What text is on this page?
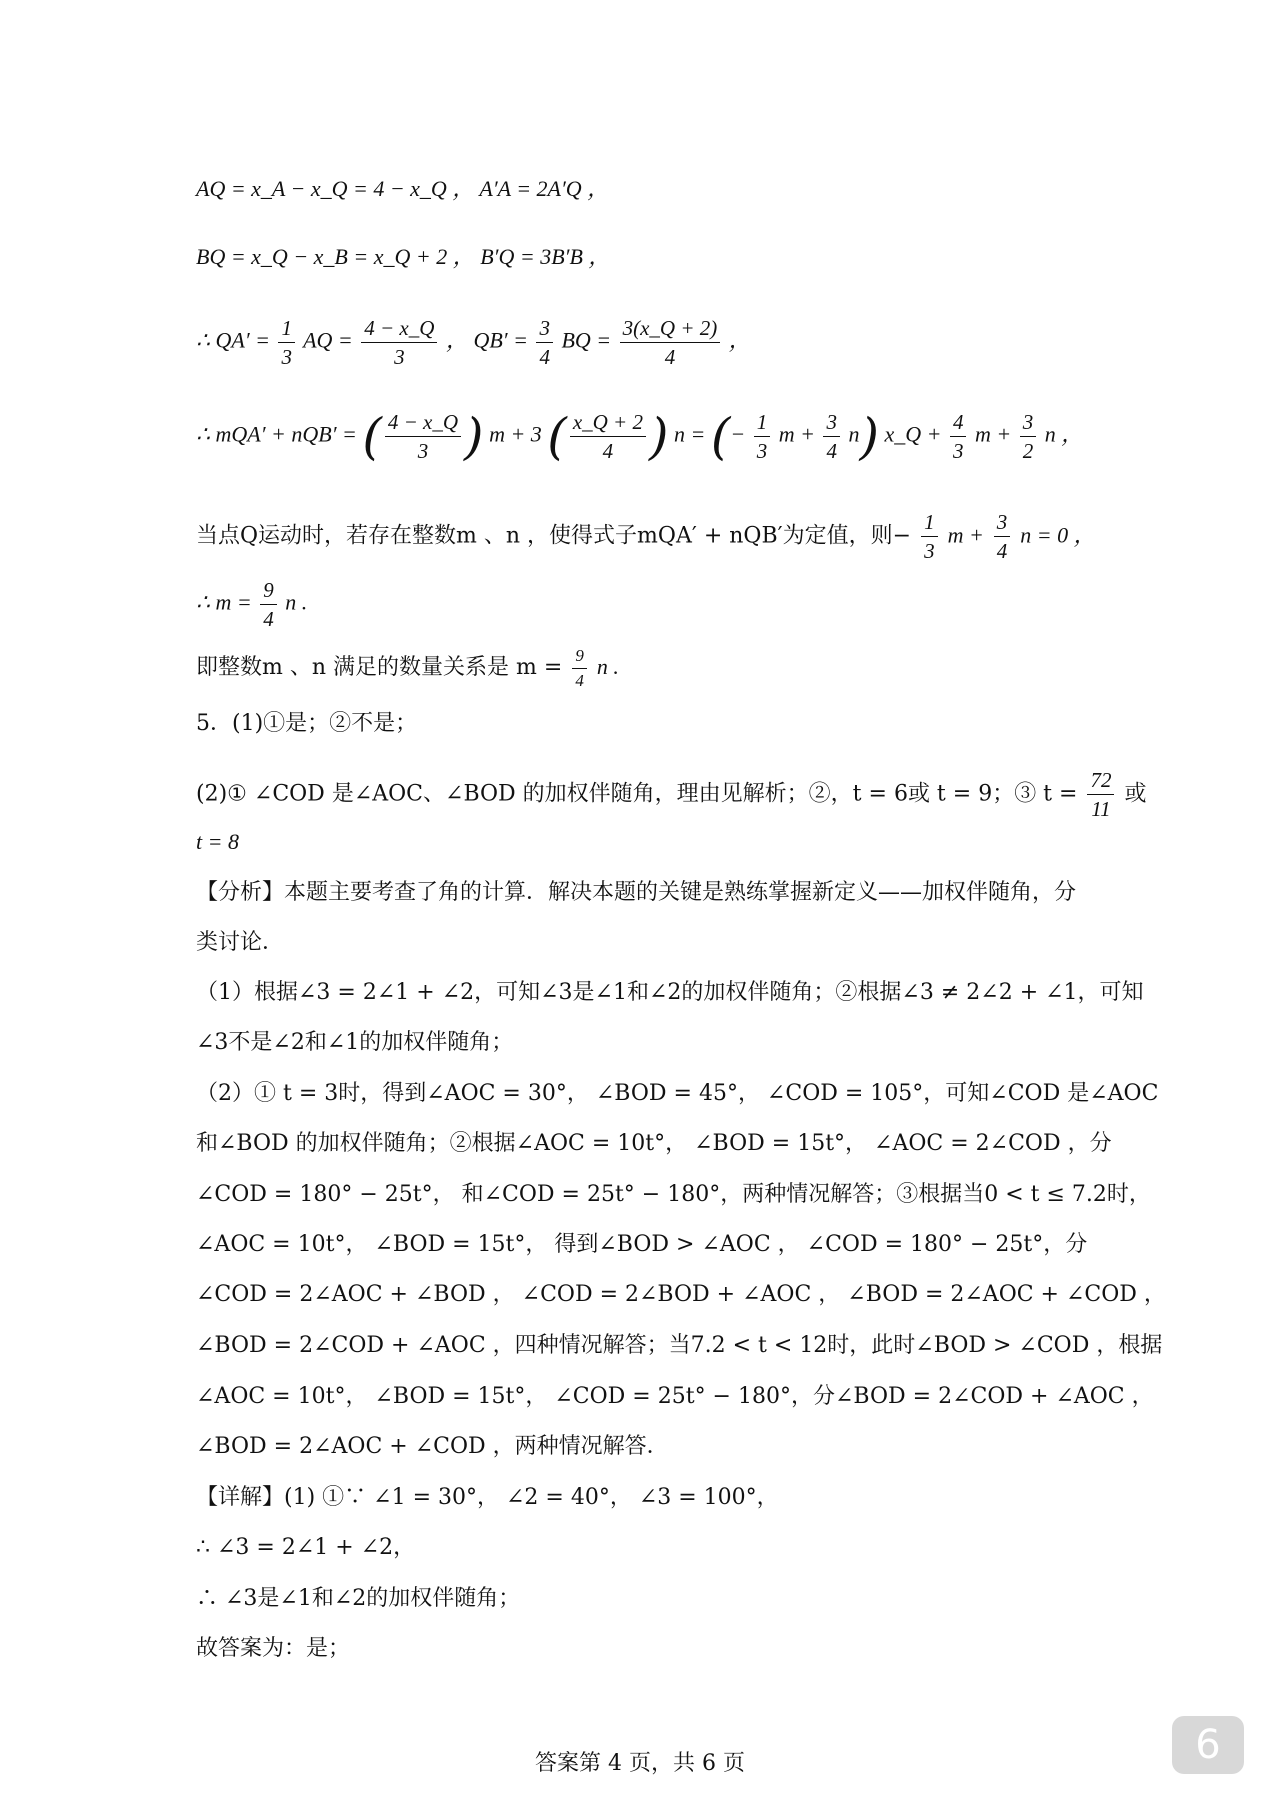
AQ = x_A − x_Q = 4 − x_Q ， A′A = 2A′Q ，
BQ = x_Q − x_B = x_Q + 2 ， B′Q = 3B′B ，
∴ $QA' = \frac{1}{3}$ AQ = $\frac{4 - x\_Q}{3}$ ， $QB' = \frac{3}{4}$ BQ = $\frac{3(x\_Q + 2)}{4}$ ，
∴ mQA′ + nQB′ = ( $\frac{4 - x\_Q}{3}$ ) m + 3 ( $\frac{x\_Q + 2}{4}$ ) n = (− $\frac{1}{3}$ $m + \frac{3}{4} n$) x_Q + $\frac{4}{3}$ $m + \frac{3}{2}$ n ，
当点Q运动时，若存在整数m 、n ，使得式子mQA′ + nQB′为定值，则− $\frac{1}{3}$ $m + \frac{3}{4}$ n = 0 ，
∴ $m = \frac{9}{4}$ n .
即整数m 、n 满足的数量关系是 $m = \frac{9}{4}$ n .
5．(1)①是；②不是；
(2)① ∠COD 是∠AOC、∠BOD 的加权伴随角，理由见解析；②，t = 6或 t = 9；③ $t = \frac{72}{11}$ 或
t = 8
【分析】本题主要考查了角的计算．解决本题的关键是熟练掌握新定义——加权伴随角，分
类讨论．
（1）根据∠3 = 2∠1 + ∠2，可知∠3是∠1和∠2的加权伴随角；②根据∠3 ≠ 2∠2 + ∠1，可知
∠3不是∠2和∠1的加权伴随角；
（2）① t = 3时，得到∠AOC = 30°， ∠BOD = 45°， ∠COD = 105°，可知∠COD 是∠AOC
和∠BOD 的加权伴随角；②根据∠AOC = 10t°， ∠BOD = 15t°， ∠AOC = 2∠COD ，分
∠COD = 180° − 25t°， 和∠COD = 25t° − 180°，两种情况解答；③根据当0 < t ≤ 7.2时，
∠AOC = 10t°， ∠BOD = 15t°， 得到∠BOD > ∠AOC ， ∠COD = 180° − 25t°，分
∠COD = 2∠AOC + ∠BOD ， ∠COD = 2∠BOD + ∠AOC ， ∠BOD = 2∠AOC + ∠COD ，
∠BOD = 2∠COD + ∠AOC ，四种情况解答；当7.2 < t < 12时，此时∠BOD > ∠COD ，根据
∠AOC = 10t°， ∠BOD = 15t°， ∠COD = 25t° − 180°，分∠BOD = 2∠COD + ∠AOC ，
∠BOD = 2∠AOC + ∠COD ，两种情况解答．
【详解】(1) ①∵ ∠1 = 30°， ∠2 = 40°， ∠3 = 100°，
∴ ∠3 = 2∠1 + ∠2，
∴ ∠3是∠1和∠2的加权伴随角；
故答案为：是；
答案第 4 页，共 6 页	6
